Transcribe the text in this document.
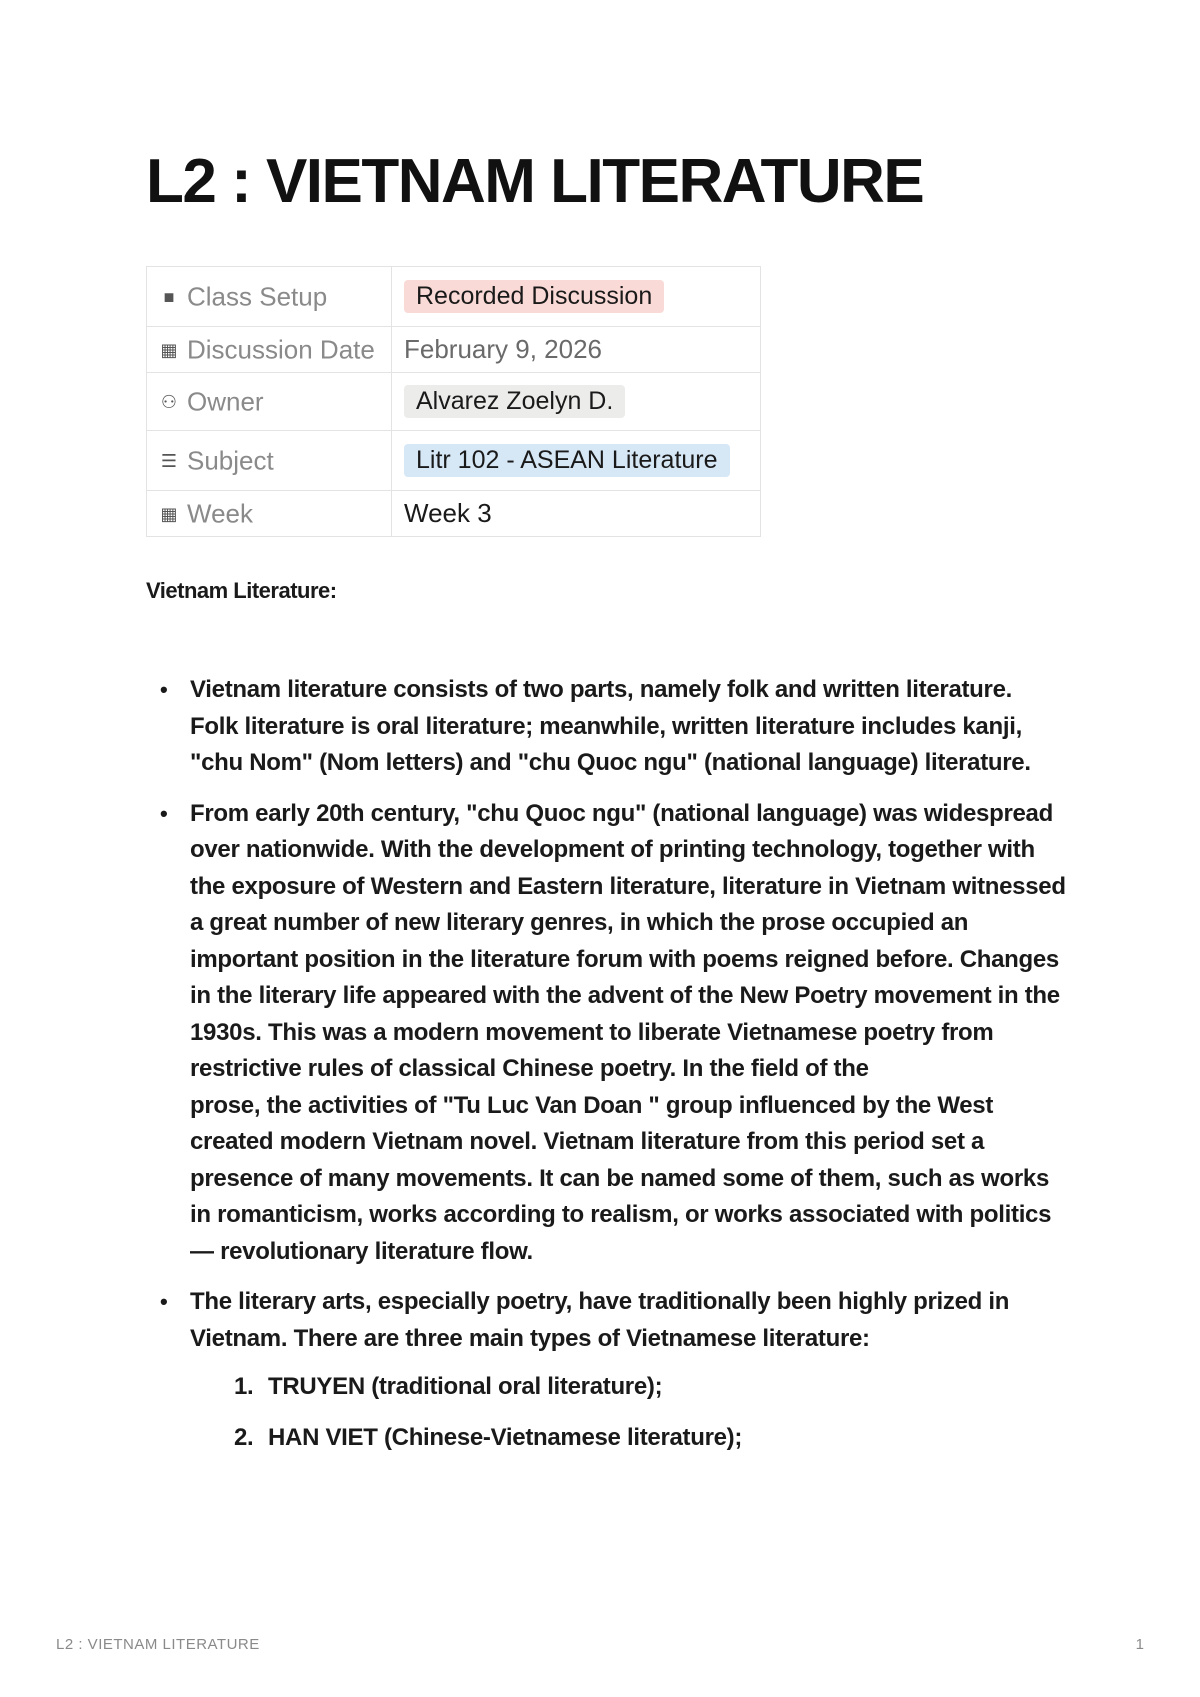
L2 : VIETNAM LITERATURE
■ Class Setup	Recorded Discussion
▦ Discussion Date	February 9, 2026
⚇ Owner	Alvarez Zoelyn D.
☰ Subject	Litr 102 - ASEAN Literature
▦ Week	Week 3
Vietnam Literature:
• Vietnam literature consists of two parts, namely folk and written literature. Folk literature is oral literature; meanwhile, written literature includes kanji, "chu Nom" (Nom letters) and "chu Quoc ngu" (national language) literature.
• From early 20th century, "chu Quoc ngu" (national language) was widespread over nationwide. With the development of printing technology, together with the exposure of Western and Eastern literature, literature in Vietnam witnessed a great number of new literary genres, in which the prose occupied an important position in the literature forum with poems reigned before. Changes in the literary life appeared with the advent of the New Poetry movement in the 1930s. This was a modern movement to liberate Vietnamese poetry from restrictive rules of classical Chinese poetry. In the field of the
prose, the activities of "Tu Luc Van Doan " group influenced by the West created modern Vietnam novel. Vietnam literature from this period set a presence of many movements. It can be named some of them, such as works in romanticism, works according to realism, or works associated with politics — revolutionary literature flow.
• The literary arts, especially poetry, have traditionally been highly prized in Vietnam. There are three main types of Vietnamese literature:
1. TRUYEN (traditional oral literature);
2. HAN VIET (Chinese-Vietnamese literature);
L2 : VIETNAM LITERATURE	1
